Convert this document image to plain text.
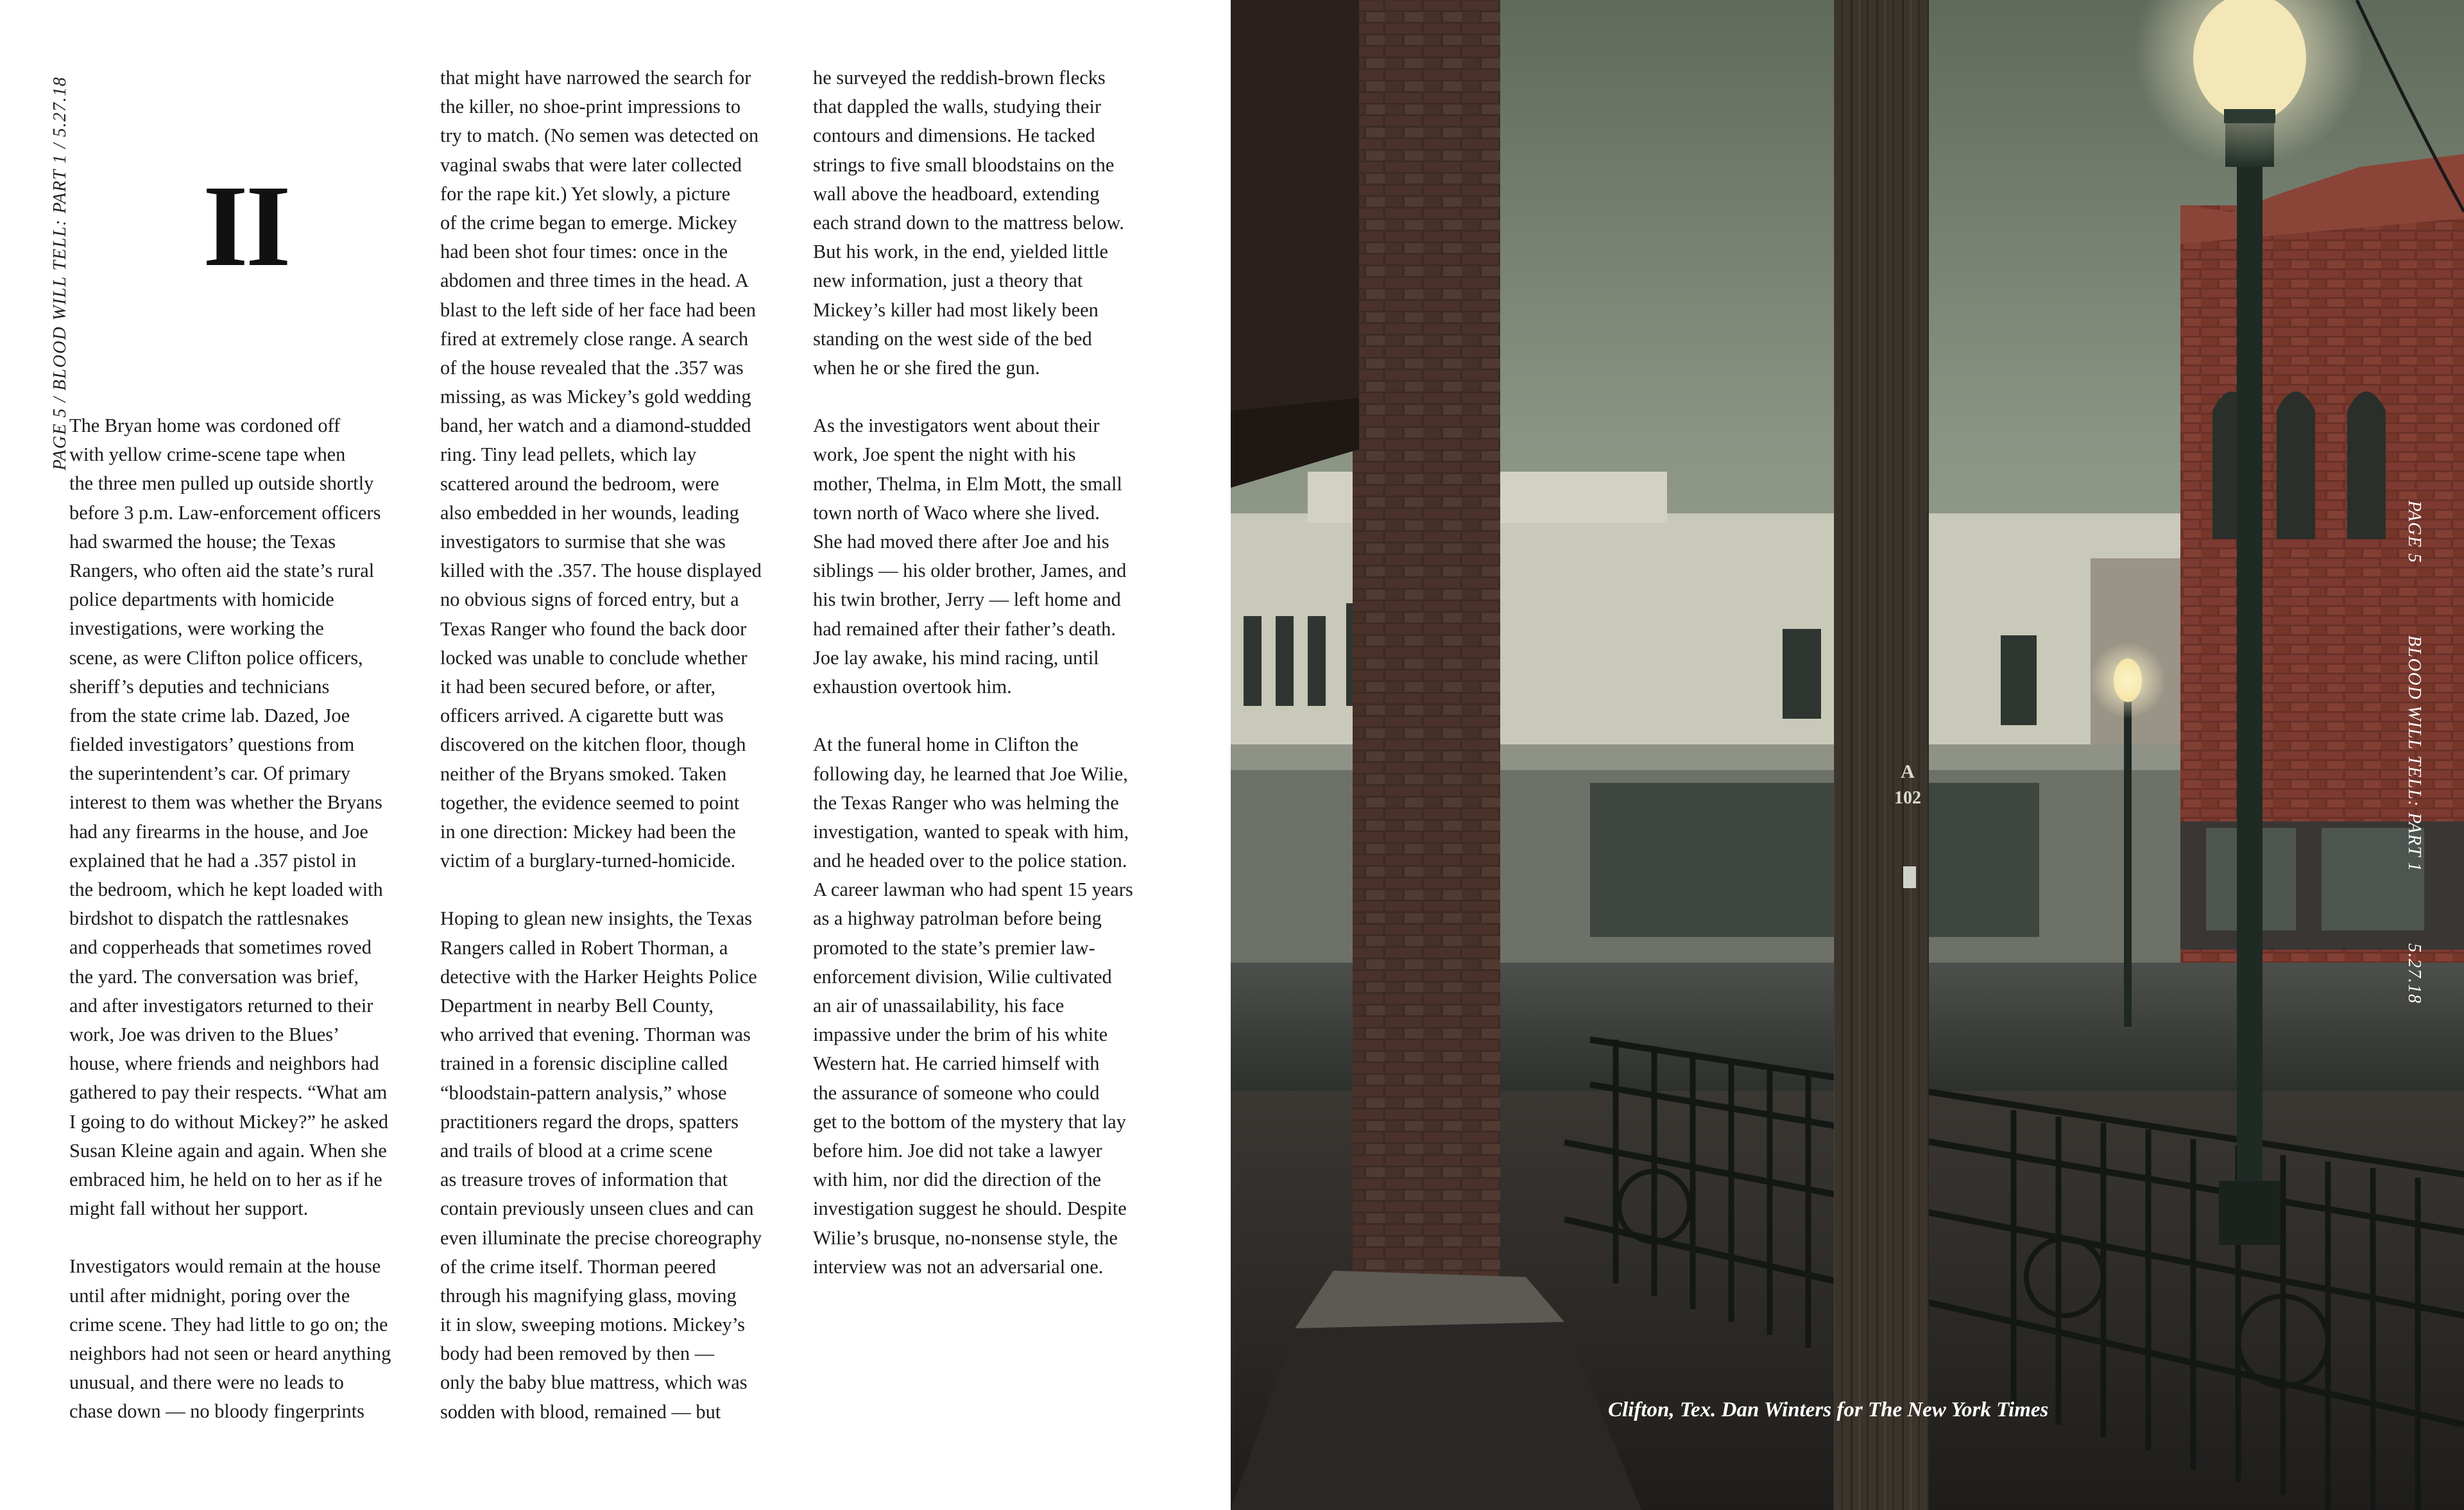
PAGE 5 / BLOOD WILL TELL: PART 1 / 5.27.18 II
The Bryan home was cordoned off
with yellow crime-scene tape when
the three men pulled up outside shortly
before 3 p.m. Law-enforcement officers
had swarmed the house; the Texas
Rangers, who often aid the state’s rural
police departments with homicide
investigations, were working the
scene, as were Clifton police officers,
sheriff’s deputies and technicians
from the state crime lab. Dazed, Joe
fielded investigators’ questions from
the superintendent’s car. Of primary
interest to them was whether the Bryans
had any firearms in the house, and Joe
explained that he had a .357 pistol in
the bedroom, which he kept loaded with
birdshot to dispatch the rattlesnakes
and copperheads that sometimes roved
the yard. The conversation was brief,
and after investigators returned to their
work, Joe was driven to the Blues’
house, where friends and neighbors had
gathered to pay their respects. “What am
I going to do without Mickey?” he asked
Susan Kleine again and again. When she
embraced him, he held on to her as if he
might fall without her support.
Investigators would remain at the house
until after midnight, poring over the
crime scene. They had little to go on; the
neighbors had not seen or heard anything
unusual, and there were no leads to
chase down — no bloody fingerprints
that might have narrowed the search for
the killer, no shoe-print impressions to
try to match. (No semen was detected on
vaginal swabs that were later collected
for the rape kit.) Yet slowly, a picture
of the crime began to emerge. Mickey
had been shot four times: once in the
abdomen and three times in the head. A
blast to the left side of her face had been
fired at extremely close range. A search
of the house revealed that the .357 was
missing, as was Mickey’s gold wedding
band, her watch and a diamond-studded
ring. Tiny lead pellets, which lay
scattered around the bedroom, were
also embedded in her wounds, leading
investigators to surmise that she was
killed with the .357. The house displayed
no obvious signs of forced entry, but a
Texas Ranger who found the back door
locked was unable to conclude whether
it had been secured before, or after,
officers arrived. A cigarette butt was
discovered on the kitchen floor, though
neither of the Bryans smoked. Taken
together, the evidence seemed to point
in one direction: Mickey had been the
victim of a burglary-turned-homicide.
Hoping to glean new insights, the Texas
Rangers called in Robert Thorman, a
detective with the Harker Heights Police
Department in nearby Bell County,
who arrived that evening. Thorman was
trained in a forensic discipline called
“bloodstain-pattern analysis,” whose
practitioners regard the drops, spatters
and trails of blood at a crime scene
as treasure troves of information that
contain previously unseen clues and can
even illuminate the precise choreography
of the crime itself. Thorman peered
through his magnifying glass, moving
it in slow, sweeping motions. Mickey’s
body had been removed by then —
only the baby blue mattress, which was
sodden with blood, remained — but
he surveyed the reddish-brown flecks
that dappled the walls, studying their
contours and dimensions. He tacked
strings to five small bloodstains on the
wall above the headboard, extending
each strand down to the mattress below.
But his work, in the end, yielded little
new information, just a theory that
Mickey’s killer had most likely been
standing on the west side of the bed
when he or she fired the gun.
As the investigators went about their
work, Joe spent the night with his
mother, Thelma, in Elm Mott, the small
town north of Waco where she lived.
She had moved there after Joe and his
siblings — his older brother, James, and
his twin brother, Jerry — left home and
had remained after their father’s death.
Joe lay awake, his mind racing, until
exhaustion overtook him.
At the funeral home in Clifton the
following day, he learned that Joe Wilie,
the Texas Ranger who was helming the
investigation, wanted to speak with him,
and he headed over to the police station.
A career lawman who had spent 15 years
as a highway patrolman before being
promoted to the state’s premier law-
enforcement division, Wilie cultivated
an air of unassailability, his face
impassive under the brim of his white
Western hat. He carried himself with
the assurance of someone who could
get to the bottom of the mystery that lay
before him. Joe did not take a lawyer
with him, nor did the direction of the
investigation suggest he should. Despite
Wilie’s brusque, no-nonsense style, the
interview was not an adversarial one.
A
102
Clifton, Tex. Dan Winters for The New York Times
PAGE 5
BLOOD WILL TELL: PART 1
5.27.18
